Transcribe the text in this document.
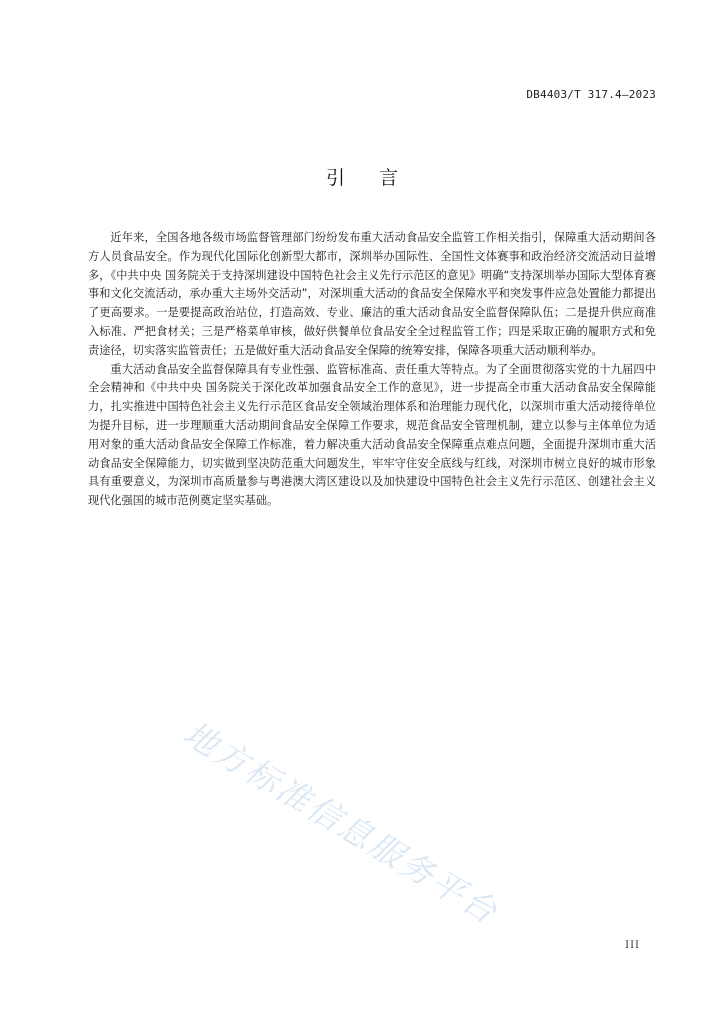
DB4403/T 317.4—2023
引言

近年来，全国各地各级市场监督管理部门纷纷发布重大活动食品安全监管工作相关指引，保障重大活动期间各方人员食品安全。作为现代化国际化创新型大都市，深圳举办国际性、全国性文体赛事和政治经济交流活动日益增多，《中共中央 国务院关于支持深圳建设中国特色社会主义先行示范区的意见》明确“支持深圳举办国际大型体育赛事和文化交流活动，承办重大主场外交活动”，对深圳重大活动的食品安全保障水平和突发事件应急处置能力都提出了更高要求。一是要提高政治站位，打造高效、专业、廉洁的重大活动食品安全监督保障队伍；二是提升供应商准入标准、严把食材关；三是严格菜单审核，做好供餐单位食品安全全过程监管工作；四是采取正确的履职方式和免责途径，切实落实监管责任；五是做好重大活动食品安全保障的统筹安排，保障各项重大活动顺利举办。

重大活动食品安全监督保障具有专业性强、监管标准高、责任重大等特点。为了全面贯彻落实党的十九届四中全会精神和《中共中央 国务院关于深化改革加强食品安全工作的意见》，进一步提高全市重大活动食品安全保障能力，扎实推进中国特色社会主义先行示范区食品安全领域治理体系和治理能力现代化，以深圳市重大活动接待单位为提升目标，进一步理顺重大活动期间食品安全保障工作要求，规范食品安全管理机制，建立以参与主体单位为适用对象的重大活动食品安全保障工作标准，着力解决重大活动食品安全保障重点难点问题，全面提升深圳市重大活动食品安全保障能力，切实做到坚决防范重大问题发生，牢牢守住安全底线与红线，对深圳市树立良好的城市形象具有重要意义，为深圳市高质量参与粤港澳大湾区建设以及加快建设中国特色社会主义先行示范区、创建社会主义现代化强国的城市范例奠定坚实基础。

地方标准信息服务平台
III
